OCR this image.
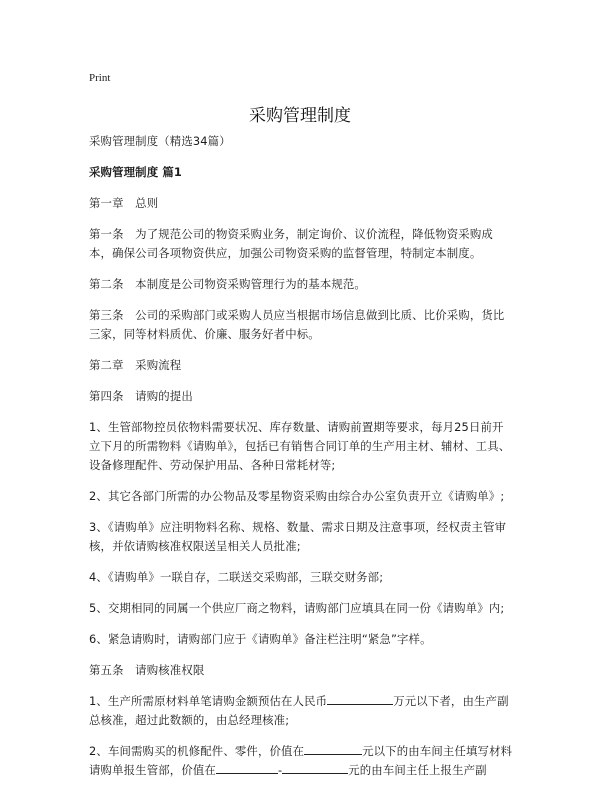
Print
采购管理制度

采购管理制度（精选34篇）

采购管理制度 篇1

第一章　总则

第一条　为了规范公司的物资采购业务，制定询价、议价流程，降低物资采购成本，确保公司各项物资供应，加强公司物资采购的监督管理，特制定本制度。

第二条　本制度是公司物资采购管理行为的基本规范。

第三条　公司的采购部门或采购人员应当根据市场信息做到比质、比价采购，货比三家，同等材料质优、价廉、服务好者中标。

第二章　采购流程

第四条　请购的提出

1、生管部物控员依物料需要状况、库存数量、请购前置期等要求，每月25日前开立下月的所需物料《请购单》，包括已有销售合同订单的生产用主材、辅材、工具、设备修理配件、劳动保护用品、各种日常耗材等;

2、其它各部门所需的办公物品及零星物资采购由综合办公室负责开立《请购单》;

3、《请购单》应注明物料名称、规格、数量、需求日期及注意事项，经权责主管审核，并依请购核准权限送呈相关人员批准;

4、《请购单》一联自存，二联送交采购部，三联交财务部;

5、交期相同的同属一个供应厂商之物料，请购部门应填具在同一份《请购单》内;

6、紧急请购时，请购部门应于《请购单》备注栏注明“紧急”字样。

第五条　请购核准权限

1、生产所需原材料单笔请购金额预估在人民币	万元以下者，由生产副总核准，超过此数额的，由总经理核准;

2、车间需购买的机修配件、零件，价值在	元以下的由车间主任填写材料请购单报生管部，价值在	-	元的由车间主任上报生产副
